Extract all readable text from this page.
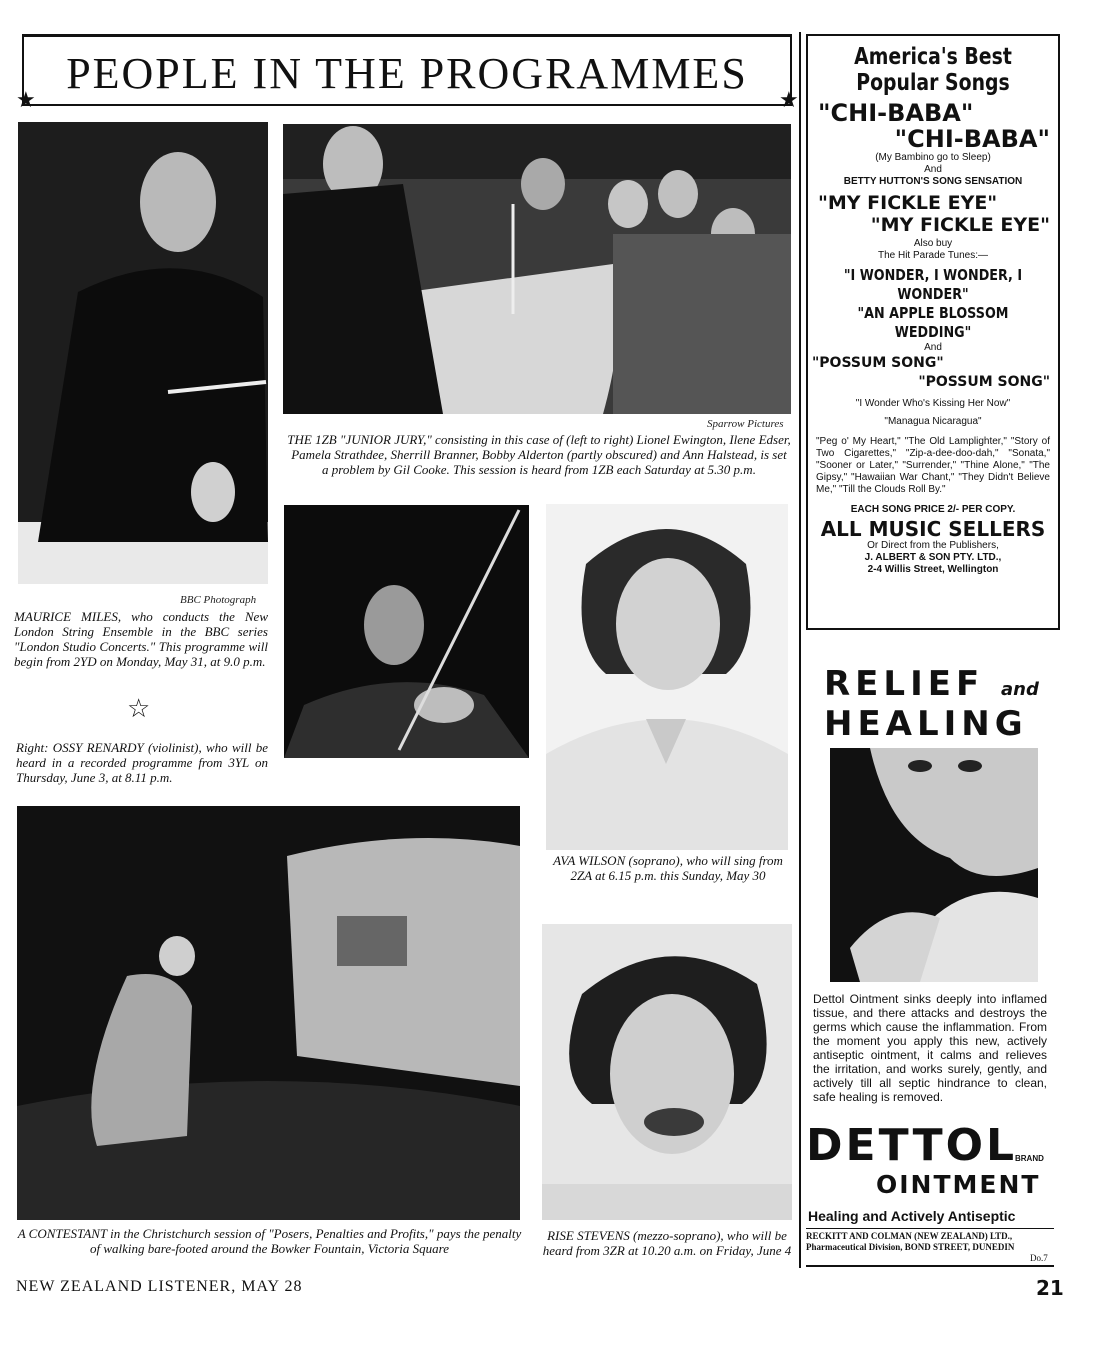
PEOPLE IN THE PROGRAMMES
★	★
BBC Photograph
MAURICE MILES, who conducts the New London String Ensemble in the BBC series "London Studio Concerts." This programme will begin from 2YD on Monday, May 31, at 9.0 p.m.
☆
Right: OSSY RENARDY (violinist), who will be heard in a recorded programme from 3YL on Thursday, June 3, at 8.11 p.m.
Sparrow Pictures
THE 1ZB "JUNIOR JURY," consisting in this case of (left to right) Lionel Ewington, Ilene Edser, Pamela Strathdee, Sherrill Branner, Bobby Alderton (partly obscured) and Ann Halstead, is set a problem by Gil Cooke. This session is heard from 1ZB each Saturday at 5.30 p.m.
AVA WILSON (soprano), who will sing from 2ZA at 6.15 p.m. this Sunday, May 30
A CONTESTANT in the Christchurch session of "Posers, Penalties and Profits," pays the penalty of walking bare-footed around the Bowker Fountain, Victoria Square
RISE STEVENS (mezzo-soprano), who will be heard from 3ZR at 10.20 a.m. on Friday, June 4
America's Best
Popular Songs
"CHI-BABA"
"CHI-BABA"
(My Bambino go to Sleep)
And
BETTY HUTTON'S SONG SENSATION
"MY FICKLE EYE"
"MY FICKLE EYE"
Also buy
The Hit Parade Tunes:—
"I WONDER, I WONDER, I WONDER"
"AN APPLE BLOSSOM WEDDING"
And
"POSSUM SONG"
"POSSUM SONG"
"I Wonder Who's Kissing Her Now"
"Managua Nicaragua"
"Peg o' My Heart," "The Old Lamplighter," "Story of Two Cigarettes," "Zip-a-dee-doo-dah," "Sonata," "Sooner or Later," "Surrender," "Thine Alone," "The Gipsy," "Hawaiian War Chant," "They Didn't Believe Me," "Till the Clouds Roll By."
EACH SONG PRICE 2/- PER COPY.
ALL MUSIC SELLERS
Or Direct from the Publishers,
J. ALBERT & SON PTY. LTD.,
2-4 Willis Street, Wellington
RELIEF and
HEALING
Dettol Ointment sinks deeply into inflamed tissue, and there attacks and destroys the germs which cause the inflammation. From the moment you apply this new, actively antiseptic ointment, it calms and relieves the irritation, and works surely, gently, and actively till all septic hindrance to clean, safe healing is removed.
DETTOL
BRAND
OINTMENT
Healing and Actively Antiseptic
RECKITT AND COLMAN (NEW ZEALAND) LTD., Pharmaceutical Division, BOND STREET, DUNEDIN
Do.7
NEW ZEALAND LISTENER, MAY 28	21
